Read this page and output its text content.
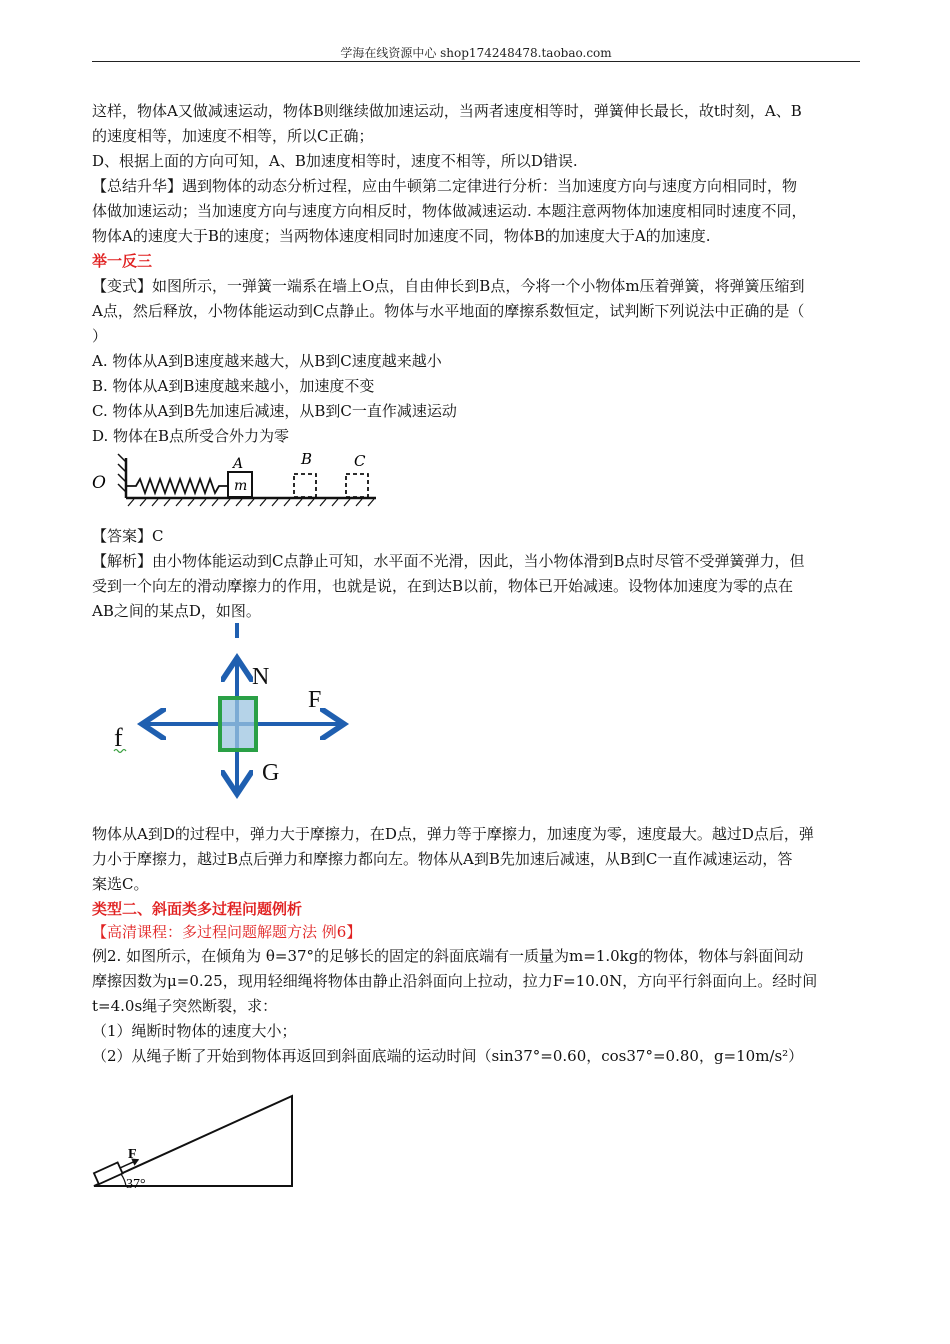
学海在线资源中心 shop174248478.taobao.com
这样，物体A又做减速运动，物体B则继续做加速运动，当两者速度相等时，弹簧伸长最长，故t时刻，A、B
的速度相等，加速度不相等，所以C正确；
D、根据上面的方向可知，A、B加速度相等时，速度不相等，所以D错误.
【总结升华】遇到物体的动态分析过程，应由牛顿第二定律进行分析：当加速度方向与速度方向相同时，物
体做加速运动；当加速度方向与速度方向相反时，物体做减速运动. 本题注意两物体加速度相同时速度不同，
物体A的速度大于B的速度；当两物体速度相同时加速度不同，物体B的加速度大于A的加速度.
举一反三
【变式】如图所示，一弹簧一端系在墙上O点，自由伸长到B点，今将一个小物体m压着弹簧，将弹簧压缩到
A点，然后释放，小物体能运动到C点静止。物体与水平地面的摩擦系数恒定，试判断下列说法中正确的是（
）
A. 物体从A到B速度越来越大，从B到C速度越来越小
B. 物体从A到B速度越来越小，加速度不变
C. 物体从A到B先加速后减速，从B到C一直作减速运动
D. 物体在B点所受合外力为零
O	m
A	B	C
【答案】C
【解析】由小物体能运动到C点静止可知，水平面不光滑，因此，当小物体滑到B点时尽管不受弹簧弹力，但
受到一个向左的滑动摩擦力的作用，也就是说，在到达B以前，物体已开始减速。设物体加速度为零的点在
AB之间的某点D，如图。
N
F
f
G
物体从A到D的过程中，弹力大于摩擦力，在D点，弹力等于摩擦力，加速度为零，速度最大。越过D点后，弹
力小于摩擦力，越过B点后弹力和摩擦力都向左。物体从A到B先加速后减速，从B到C一直作减速运动，答
案选C。
类型二、斜面类多过程问题例析
【高清课程：多过程问题解题方法 例6】
例2. 如图所示，在倾角为 θ=37°的足够长的固定的斜面底端有一质量为m=1.0kg的物体，物体与斜面间动
摩擦因数为μ=0.25，现用轻细绳将物体由静止沿斜面向上拉动，拉力F=10.0N，方向平行斜面向上。经时间
t=4.0s绳子突然断裂，求：
（1）绳断时物体的速度大小；
（2）从绳子断了开始到物体再返回到斜面底端的运动时间（sin37°=0.60，cos37°=0.80，g=10m/s²）
F
37°
